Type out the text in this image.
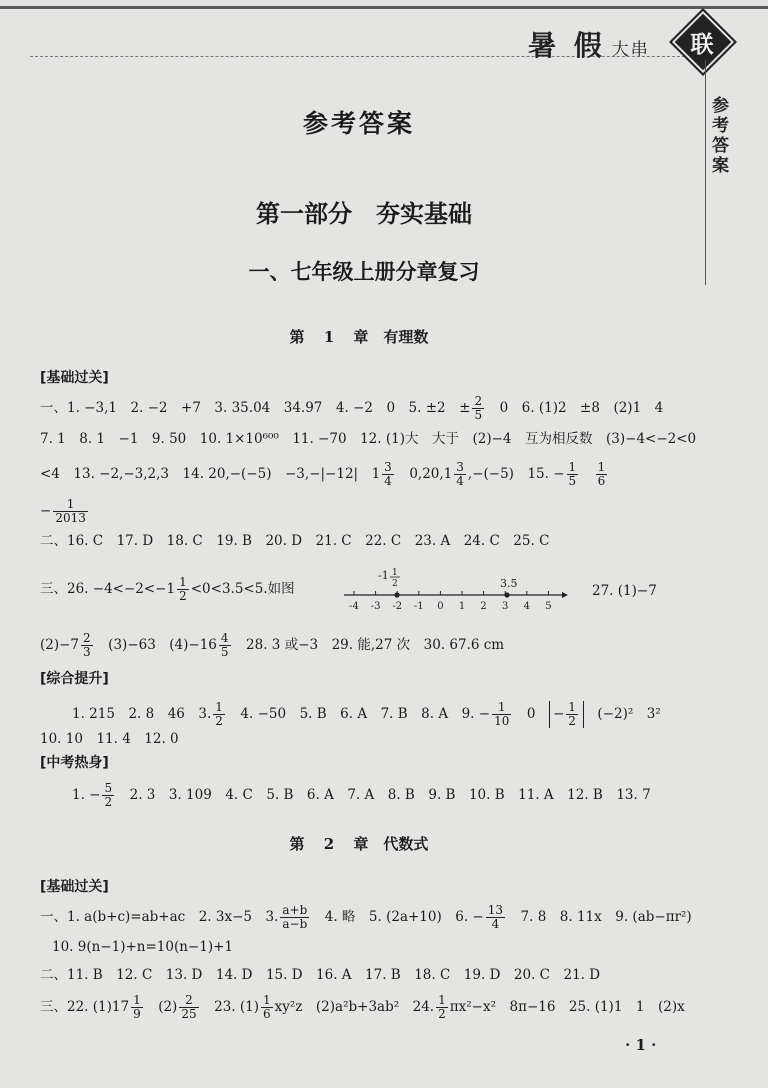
暑 假 大串	联
参考答案
参考答案
第一部分　夯实基础
一、七年级上册分章复习
第 1 章　有理数
[基础过关]
一、1. −3,1　2. −2　+7　3. 35.04　34.97　4. −2　0　5. ±2　± $\frac{2}{5}$
　 0　6. (1)2　±8　(2)1　4
7. 1　8. 1　−1　9. 50　10. 1×10⁶⁰⁰　11. −70　12. (1)大　大于　(2)−4　互为相反数　(3)−4<−2<0
<4　13. −2,−3,2,3　14. 20,−(−5)　−3,−|−12|　$1 \frac{3}{4}$
　 $0,20,1 \frac{3}{4} ,-(-5)$　15. − $\frac{1}{5}$
　 $\frac{1}{6}$
− $\frac{1}{2013}$
二、16. C　17. D　18. C　19. B　20. D　21. C　22. C　23. A　24. C　25. C
三、26. $-4<-2<-1 \frac{1}{2} <0<3.5<5$.如图	27. (1)−7
-4 -3 -2 -1 0 1 2 3 4 5
-1 1
2	3.5
$(2)-7 \frac{2}{3}$
　 (3)−63　$(4)-16 \frac{4}{5}$
　 28. 3 或−3　29. 能,27 次　30. 67.6 cm
[综合提升]
1. 215　2. 8　46　3. $\frac{1}{2}$
　 4. −50　5. B　6. A　7. B　8. A　9. − $\frac{1}{10}$
　 0　 − $\frac{1}{2}$
　 (−2)²　3²
10. 10　11. 4　12. 0
[中考热身]
1. − $\frac{5}{2}$
　 2. 3　3. 109　4. C　5. B　6. A　7. A　8. B　9. B　10. B　11. A　12. B　13. 7
第 2 章　代数式
[基础过关]
一、1. a(b+c)=ab+ac　2. 3x−5　3. $\frac{a+b}{a-b}$
　 4. 略　5. (2a+10)　6. − $\frac{13}{4}$
　 7. 8　8. 11x　9. (ab−πr²)
10. 9(n−1)+n=10(n−1)+1
二、11. B　12. C　13. D　14. D　15. D　16. A　17. B　18. C　19. D　20. C　21. D
三、22. $(1)17 \frac{1}{9}$
　 $(2) \frac{2}{25}$
　 23. $(1) \frac{1}{6} xy^2z$　(2)a²b+3ab²　24. $\frac{1}{2} \pi x^2-x^2$　8π−16　25. (1)1　1　(2)x
· 1 ·
